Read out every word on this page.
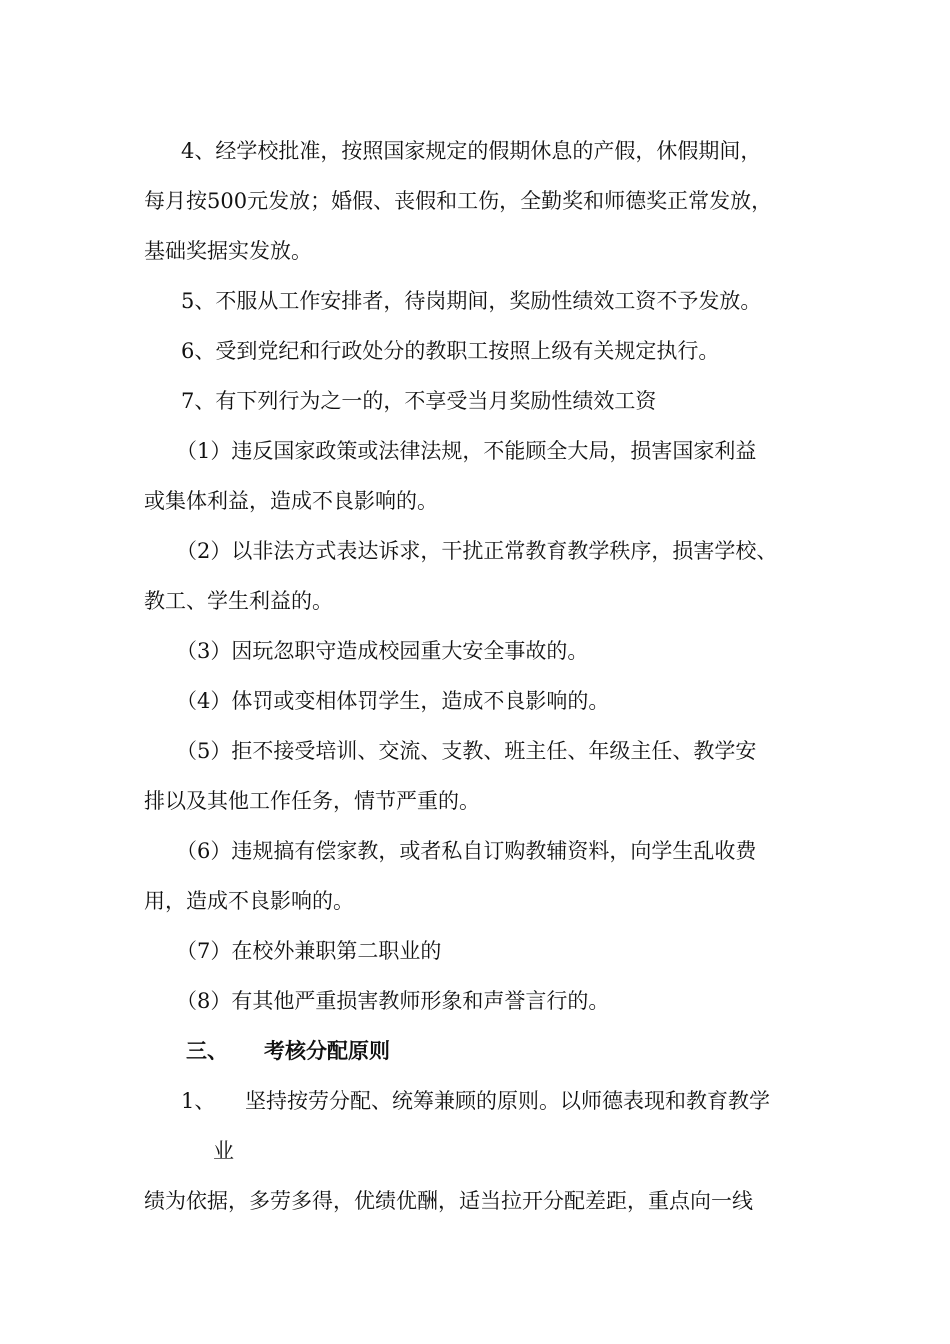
4、经学校批准，按照国家规定的假期休息的产假，休假期间，
每月按500元发放；婚假、丧假和工伤，全勤奖和师德奖正常发放，
基础奖据实发放。
5、不服从工作安排者，待岗期间，奖励性绩效工资不予发放。
6、受到党纪和行政处分的教职工按照上级有关规定执行。
7、有下列行为之一的，不享受当月奖励性绩效工资
（1）违反国家政策或法律法规，不能顾全大局，损害国家利益
或集体利益，造成不良影响的。
（2）以非法方式表达诉求，干扰正常教育教学秩序，损害学校、
教工、学生利益的。
（3）因玩忽职守造成校园重大安全事故的。
（4）体罚或变相体罚学生，造成不良影响的。
（5）拒不接受培训、交流、支教、班主任、年级主任、教学安
排以及其他工作任务，情节严重的。
（6）违规搞有偿家教，或者私自订购教辅资料，向学生乱收费
用，造成不良影响的。
（7）在校外兼职第二职业的
（8）有其他严重损害教师形象和声誉言行的。
三、 考核分配原则
1、 坚持按劳分配、统筹兼顾的原则。以师德表现和教育教学
业
绩为依据，多劳多得，优绩优酬，适当拉开分配差距，重点向一线
